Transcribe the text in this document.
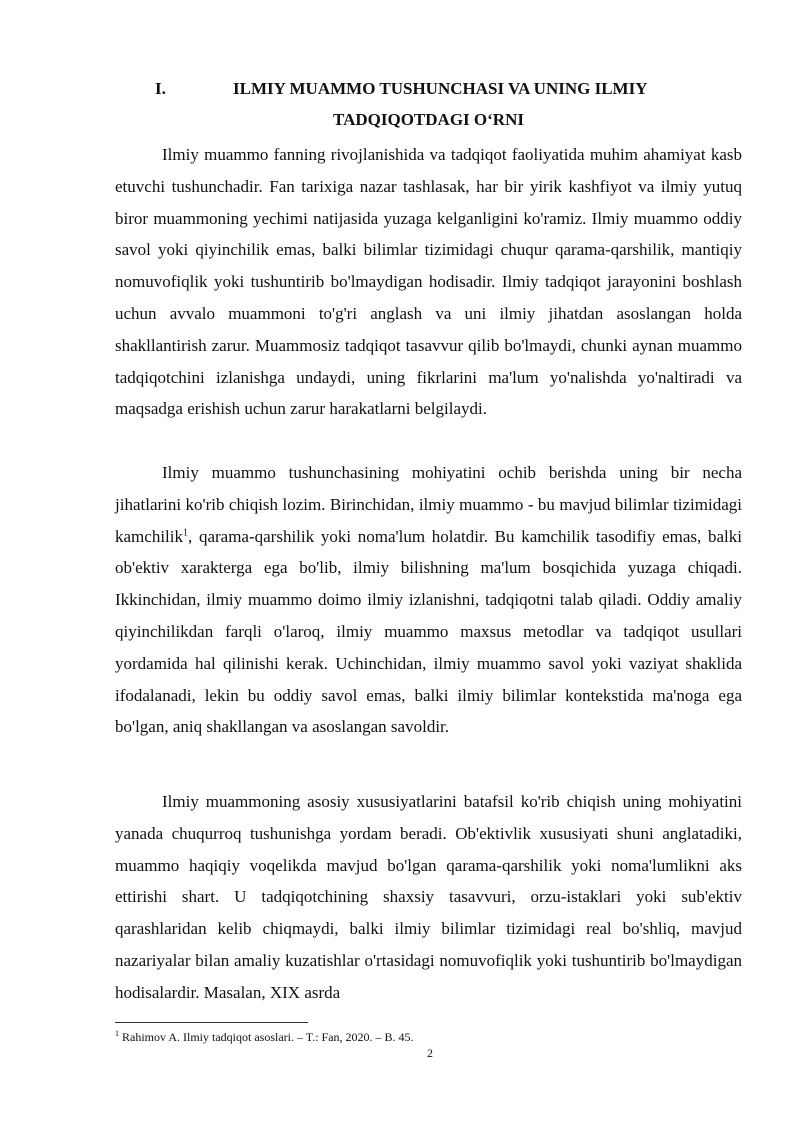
I.	ILMIY MUAMMO TUSHUNCHASI VA UNING ILMIY
TADQIQOTDAGI O‘RNI

Ilmiy muammo fanning rivojlanishida va tadqiqot faoliyatida muhim ahamiyat kasb etuvchi tushunchadir. Fan tarixiga nazar tashlasak, har bir yirik kashfiyot va ilmiy yutuq biror muammoning yechimi natijasida yuzaga kelganligini ko'ramiz. Ilmiy muammo oddiy savol yoki qiyinchilik emas, balki bilimlar tizimidagi chuqur qarama-qarshilik, mantiqiy nomuvofiqlik yoki tushuntirib bo'lmaydigan hodisadir. Ilmiy tadqiqot jarayonini boshlash uchun avvalo muammoni to'g'ri anglash va uni ilmiy jihatdan asoslangan holda shakllantirish zarur. Muammosiz tadqiqot tasavvur qilib bo'lmaydi, chunki aynan muammo tadqiqotchini izlanishga undaydi, uning fikrlarini ma'lum yo'nalishda yo'naltiradi va maqsadga erishish uchun zarur harakatlarni belgilaydi.

Ilmiy muammo tushunchasining mohiyatini ochib berishda uning bir necha jihatlarini ko'rib chiqish lozim. Birinchidan, ilmiy muammo - bu mavjud bilimlar tizimidagi kamchilik$^1$, qarama-qarshilik yoki noma'lum holatdir. Bu kamchilik tasodifiy emas, balki ob'ektiv xarakterga ega bo'lib, ilmiy bilishning ma'lum bosqichida yuzaga chiqadi. Ikkinchidan, ilmiy muammo doimo ilmiy izlanishni, tadqiqotni talab qiladi. Oddiy amaliy qiyinchilikdan farqli o'laroq, ilmiy muammo maxsus metodlar va tadqiqot usullari yordamida hal qilinishi kerak. Uchinchidan, ilmiy muammo savol yoki vaziyat shaklida ifodalanadi, lekin bu oddiy savol emas, balki ilmiy bilimlar kontekstida ma'noga ega bo'lgan, aniq shakllangan va asoslangan savoldir.

Ilmiy muammoning asosiy xususiyatlarini batafsil ko'rib chiqish uning mohiyatini yanada chuqurroq tushunishga yordam beradi. Ob'ektivlik xususiyati shuni anglatadiki, muammo haqiqiy voqelikda mavjud bo'lgan qarama-qarshilik yoki noma'lumlikni aks ettirishi shart. U tadqiqotchining shaxsiy tasavvuri, orzu-istaklari yoki sub'ektiv qarashlaridan kelib chiqmaydi, balki ilmiy bilimlar tizimidagi real bo'shliq, mavjud nazariyalar bilan amaliy kuzatishlar o'rtasidagi nomuvofiqlik yoki tushuntirib bo'lmaydigan hodisalardir. Masalan, XIX asrda

$^1$ Rahimov A. Ilmiy tadqiqot asoslari. – T.: Fan, 2020. – B. 45.
2
